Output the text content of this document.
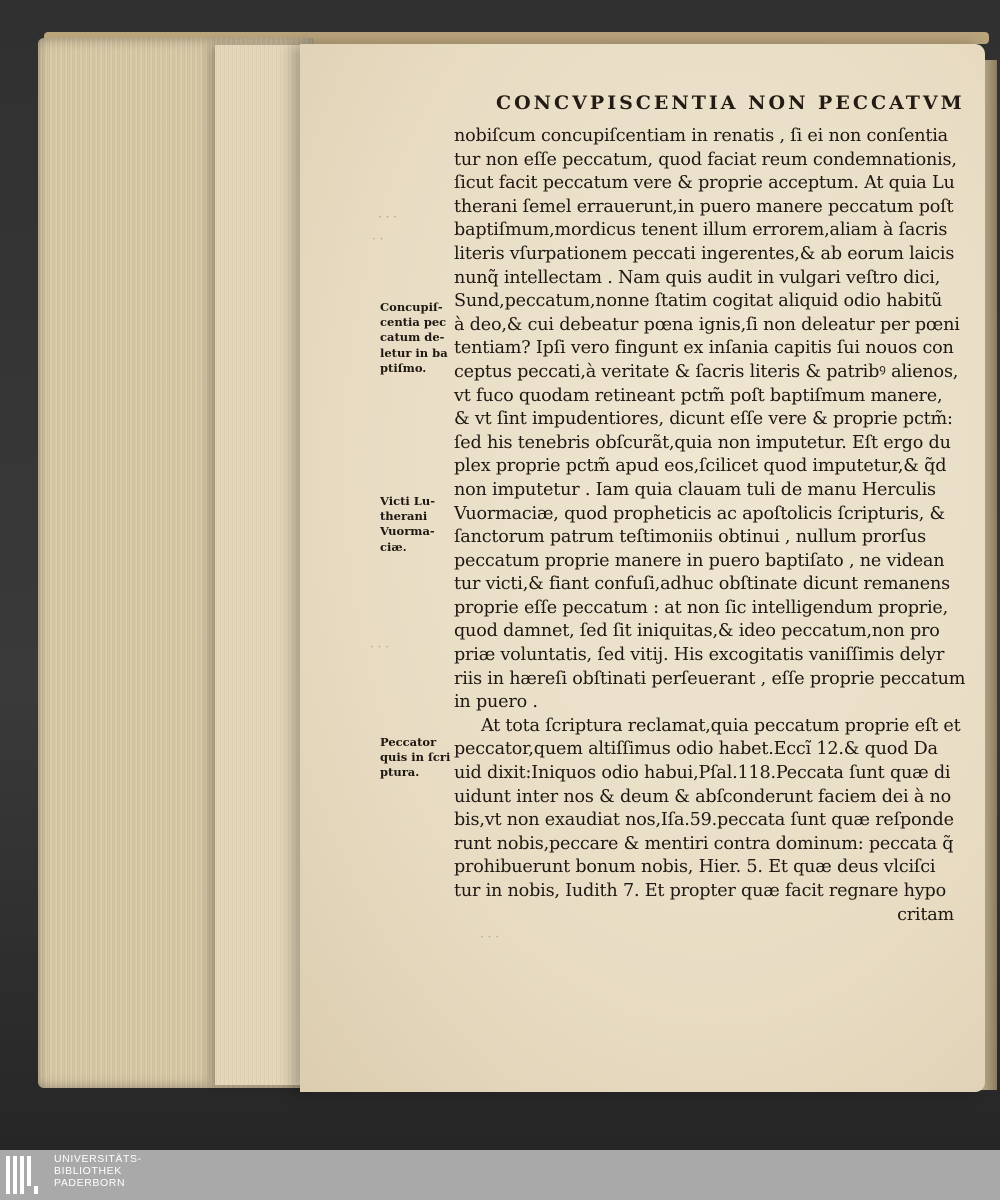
· · ·
· ·
· · ·
· · ·
CONCVPISCENTIA NON PECCATVM
nobiſcum concupiſcentiam in renatis , ſi ei non conſentia
tur non eſſe peccatum, quod faciat reum condemnationis,
ſicut facit peccatum vere & proprie acceptum. At quia Lu
therani ſemel errauerunt,in puero manere peccatum poſt
baptiſmum,mordicus tenent illum errorem,aliam à ſacris
literis vſurpationem peccati ingerentes,& ab eorum laicis
nunq̃ intellectam . Nam quis audit in vulgari veſtro dici,
Sund,peccatum,nonne ſtatim cogitat aliquid odio habitũ
à deo,& cui debeatur pœna ignis,ſi non deleatur per pœni
tentiam? Ipſi vero fingunt ex inſania capitis ſui nouos con
ceptus peccati,à veritate & ſacris literis & patribꝰ alienos,
vt fuco quodam retineant pctm̃ poſt baptiſmum manere,
& vt ſint impudentiores, dicunt eſſe vere & proprie pctm̃:
ſed his tenebris obſcurãt,quia non imputetur. Eſt ergo du
plex proprie pctm̃ apud eos,ſcilicet quod imputetur,& q̃d
non imputetur . Iam quia clauam tuli de manu Herculis
Vuormaciæ, quod propheticis ac apoſtolicis ſcripturis, &
ſanctorum patrum teſtimoniis obtinui , nullum prorſus
peccatum proprie manere in puero baptiſato , ne videan
tur victi,& fiant confuſi,adhuc obſtinate dicunt remanens
proprie eſſe peccatum : at non ſic intelligendum proprie,
quod damnet, ſed ſit iniquitas,& ideo peccatum,non pro
priæ voluntatis, ſed vitij. His excogitatis vaniſſimis delyr
riis in hæreſi obſtinati perſeuerant , eſſe proprie peccatum
in puero .
At tota ſcriptura reclamat,quia peccatum proprie eſt et
peccator,quem altiſſimus odio habet.Eccĩ 12.& quod Da
uid dixit:Iniquos odio habui,Pſal.118.Peccata ſunt quæ di
uidunt inter nos & deum & abſconderunt faciem dei à no
bis,vt non exaudiat nos,Iſa.59.peccata ſunt quæ reſponde
runt nobis,peccare & mentiri contra dominum: peccata q̃
prohibuerunt bonum nobis, Hier. 5. Et quæ deus vlciſci
tur in nobis, Iudith 7. Et propter quæ facit regnare hypo
critam
Concupiſ-
centia pec
catum de-
letur in ba
ptiſmo.
Victi Lu-
therani
Vuorma-
ciæ.
Peccator
quis in ſcri
ptura.
UNIVERSITÄTS-
BIBLIOTHEK
PADERBORN
